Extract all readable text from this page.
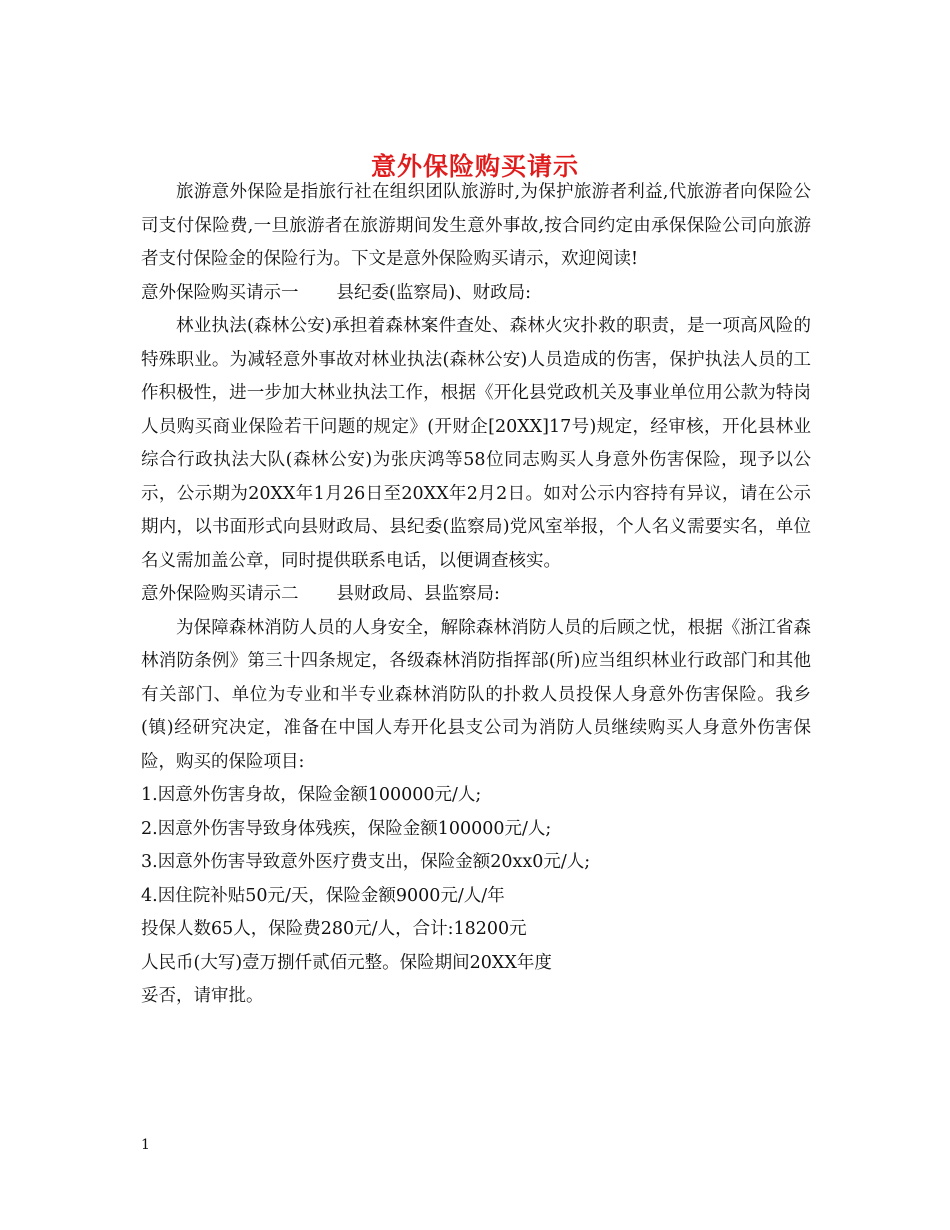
意外保险购买请示

旅游意外保险是指旅行社在组织团队旅游时,为保护旅游者利益,代旅游者向保险公司支付保险费,一旦旅游者在旅游期间发生意外事故,按合同约定由承保保险公司向旅游者支付保险金的保险行为。下文是意外保险购买请示，欢迎阅读!

意外保险购买请示一 县纪委(监察局)、财政局:

林业执法(森林公安)承担着森林案件查处、森林火灾扑救的职责，是一项高风险的特殊职业。为减轻意外事故对林业执法(森林公安)人员造成的伤害，保护执法人员的工作积极性，进一步加大林业执法工作，根据《开化县党政机关及事业单位用公款为特岗人员购买商业保险若干问题的规定》(开财企[20XX]17号)规定，经审核，开化县林业综合行政执法大队(森林公安)为张庆鸿等58位同志购买人身意外伤害保险，现予以公示，公示期为20XX年1月26日至20XX年2月2日。如对公示内容持有异议，请在公示期内，以书面形式向县财政局、县纪委(监察局)党风室举报，个人名义需要实名，单位名义需加盖公章，同时提供联系电话，以便调查核实。

意外保险购买请示二 县财政局、县监察局:

为保障森林消防人员的人身安全，解除森林消防人员的后顾之忧，根据《浙江省森林消防条例》第三十四条规定，各级森林消防指挥部(所)应当组织林业行政部门和其他有关部门、单位为专业和半专业森林消防队的扑救人员投保人身意外伤害保险。我乡(镇)经研究决定，准备在中国人寿开化县支公司为消防人员继续购买人身意外伤害保险，购买的保险项目:

1.因意外伤害身故，保险金额100000元/人;

2.因意外伤害导致身体残疾，保险金额100000元/人;

3.因意外伤害导致意外医疗费支出，保险金额20xx0元/人;

4.因住院补贴50元/天，保险金额9000元/人/年

投保人数65人，保险费280元/人，合计:18200元

人民币(大写)壹万捌仟贰佰元整。保险期间20XX年度

妥否，请审批。

1
